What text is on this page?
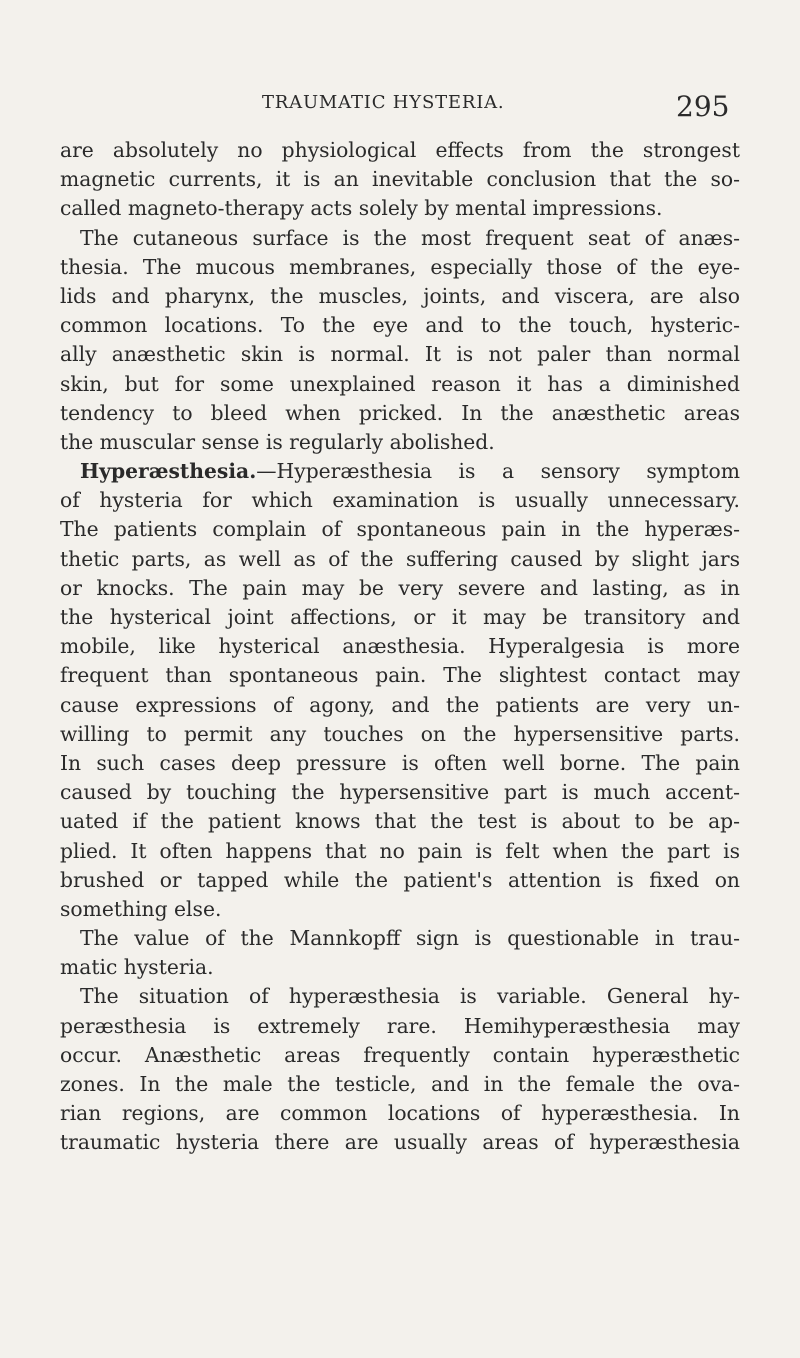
TRAUMATIC HYSTERIA.	295
are absolutely no physiological effects from the strongest
magnetic currents, it is an inevitable conclusion that the so-
called magneto-therapy acts solely by mental impressions.
The cutaneous surface is the most frequent seat of anæs-
thesia. The mucous membranes, especially those of the eye-
lids and pharynx, the muscles, joints, and viscera, are also
common locations. To the eye and to the touch, hysteric-
ally anæsthetic skin is normal. It is not paler than normal
skin, but for some unexplained reason it has a diminished
tendency to bleed when pricked. In the anæsthetic areas
the muscular sense is regularly abolished.
Hyperæsthesia.—Hyperæsthesia is a sensory symptom
of hysteria for which examination is usually unnecessary.
The patients complain of spontaneous pain in the hyperæs-
thetic parts, as well as of the suffering caused by slight jars
or knocks. The pain may be very severe and lasting, as in
the hysterical joint affections, or it may be transitory and
mobile, like hysterical anæsthesia. Hyperalgesia is more
frequent than spontaneous pain. The slightest contact may
cause expressions of agony, and the patients are very un-
willing to permit any touches on the hypersensitive parts.
In such cases deep pressure is often well borne. The pain
caused by touching the hypersensitive part is much accent-
uated if the patient knows that the test is about to be ap-
plied. It often happens that no pain is felt when the part is
brushed or tapped while the patient's attention is fixed on
something else.
The value of the Mannkopff sign is questionable in trau-
matic hysteria.
The situation of hyperæsthesia is variable. General hy-
peræsthesia is extremely rare. Hemihyperæsthesia may
occur. Anæsthetic areas frequently contain hyperæsthetic
zones. In the male the testicle, and in the female the ova-
rian regions, are common locations of hyperæsthesia. In
traumatic hysteria there are usually areas of hyperæsthesia
